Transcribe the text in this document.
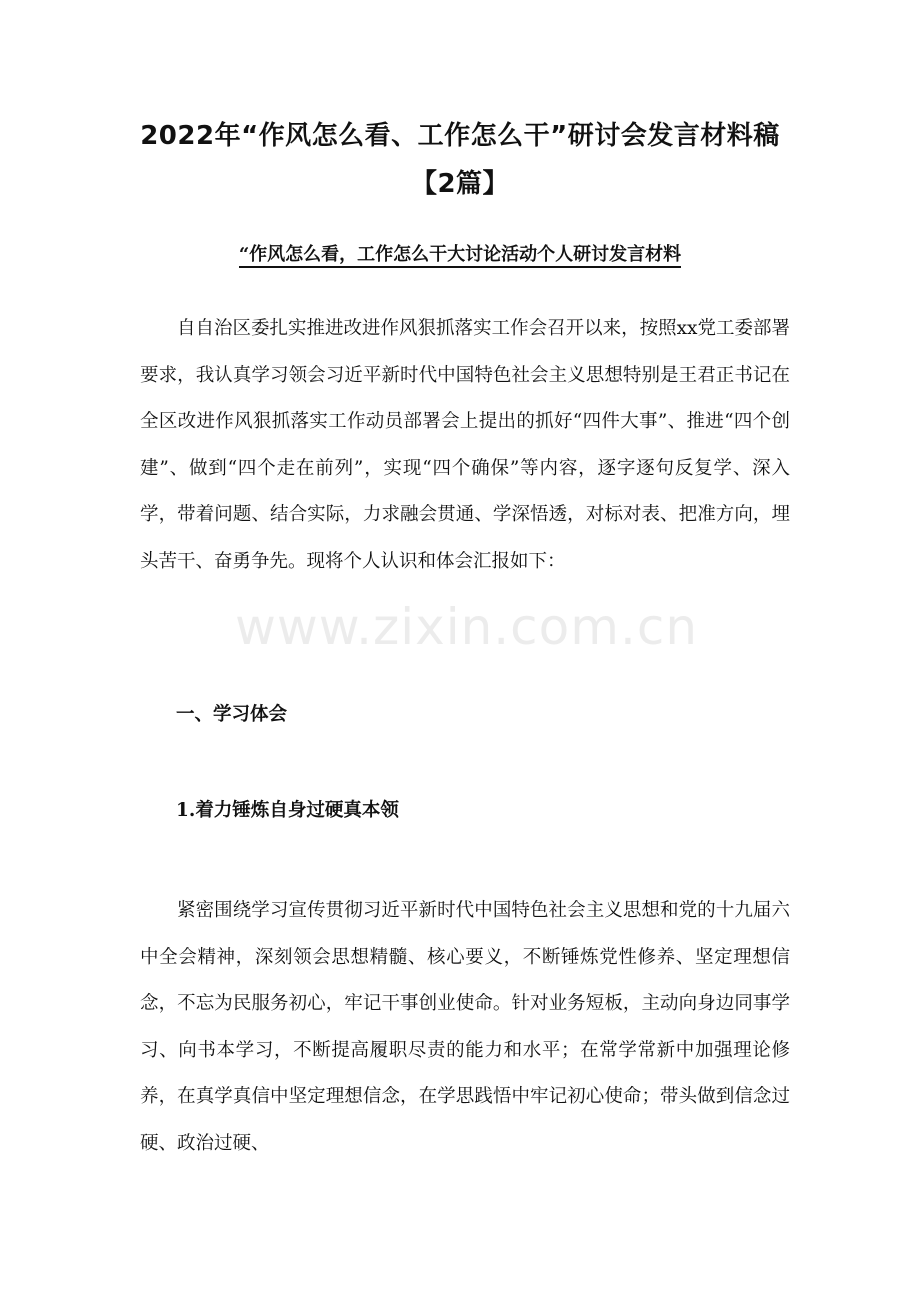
2022年“作风怎么看、工作怎么干”研讨会发言材料稿【2篇】
“作风怎么看，工作怎么干大讨论活动个人研讨发言材料

自自治区委扎实推进改进作风狠抓落实工作会召开以来，按照xx党工委部署要求，我认真学习领会习近平新时代中国特色社会主义思想特别是王君正书记在全区改进作风狠抓落实工作动员部署会上提出的抓好“四件大事”、推进“四个创建”、做到“四个走在前列”，实现“四个确保”等内容，逐字逐句反复学、深入学，带着问题、结合实际，力求融会贯通、学深悟透，对标对表、把准方向，埋头苦干、奋勇争先。现将个人认识和体会汇报如下：

一、学习体会
1.着力锤炼自身过硬真本领

紧密围绕学习宣传贯彻习近平新时代中国特色社会主义思想和党的十九届六中全会精神，深刻领会思想精髓、核心要义，不断锤炼党性修养、坚定理想信念，不忘为民服务初心，牢记干事创业使命。针对业务短板，主动向身边同事学习、向书本学习，不断提高履职尽责的能力和水平；在常学常新中加强理论修养，在真学真信中坚定理想信念，在学思践悟中牢记初心使命；带头做到信念过硬、政治过硬、

www.zixin.com.cn
